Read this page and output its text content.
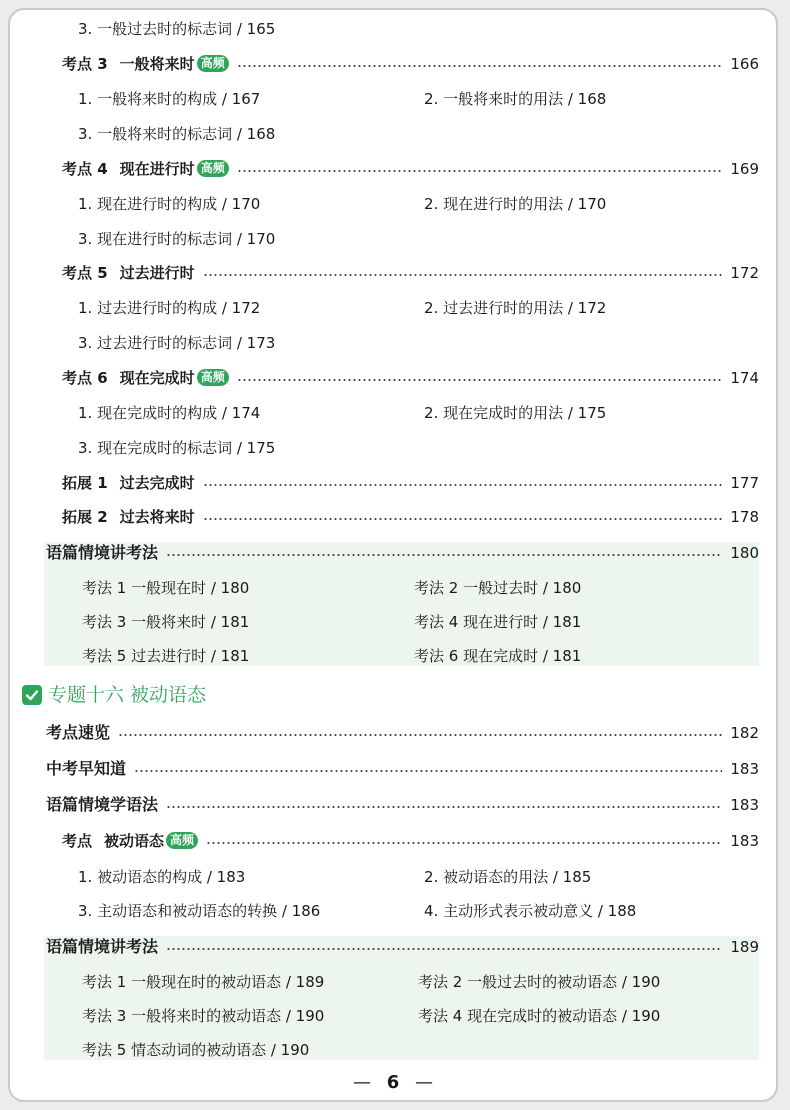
3. 一般过去时的标志词 / 165
考点 3 一般将来时 高频	166
1. 一般将来时的构成 / 167	2. 一般将来时的用法 / 168
3. 一般将来时的标志词 / 168
考点 4 现在进行时 高频	169
1. 现在进行时的构成 / 170	2. 现在进行时的用法 / 170
3. 现在进行时的标志词 / 170
考点 5 过去进行时	172
1. 过去进行时的构成 / 172	2. 过去进行时的用法 / 172
3. 过去进行时的标志词 / 173
考点 6 现在完成时 高频	174
1. 现在完成时的构成 / 174	2. 现在完成时的用法 / 175
3. 现在完成时的标志词 / 175
拓展 1 过去完成时	177
拓展 2 过去将来时	178
语篇情境讲考法	180
考法 1 一般现在时 / 180	考法 2 一般过去时 / 180
考法 3 一般将来时 / 181	考法 4 现在进行时 / 181
考法 5 过去进行时 / 181	考法 6 现在完成时 / 181
专题十六 被动语态
考点速览	182
中考早知道	183
语篇情境学语法	183
考点 被动语态 高频	183
1. 被动语态的构成 / 183	2. 被动语态的用法 / 185
3. 主动语态和被动语态的转换 / 186	4. 主动形式表示被动意义 / 188
语篇情境讲考法	189
考法 1 一般现在时的被动语态 / 189	考法 2 一般过去时的被动语态 / 190
考法 3 一般将来时的被动语态 / 190	考法 4 现在完成时的被动语态 / 190
考法 5 情态动词的被动语态 / 190
— 6 —
